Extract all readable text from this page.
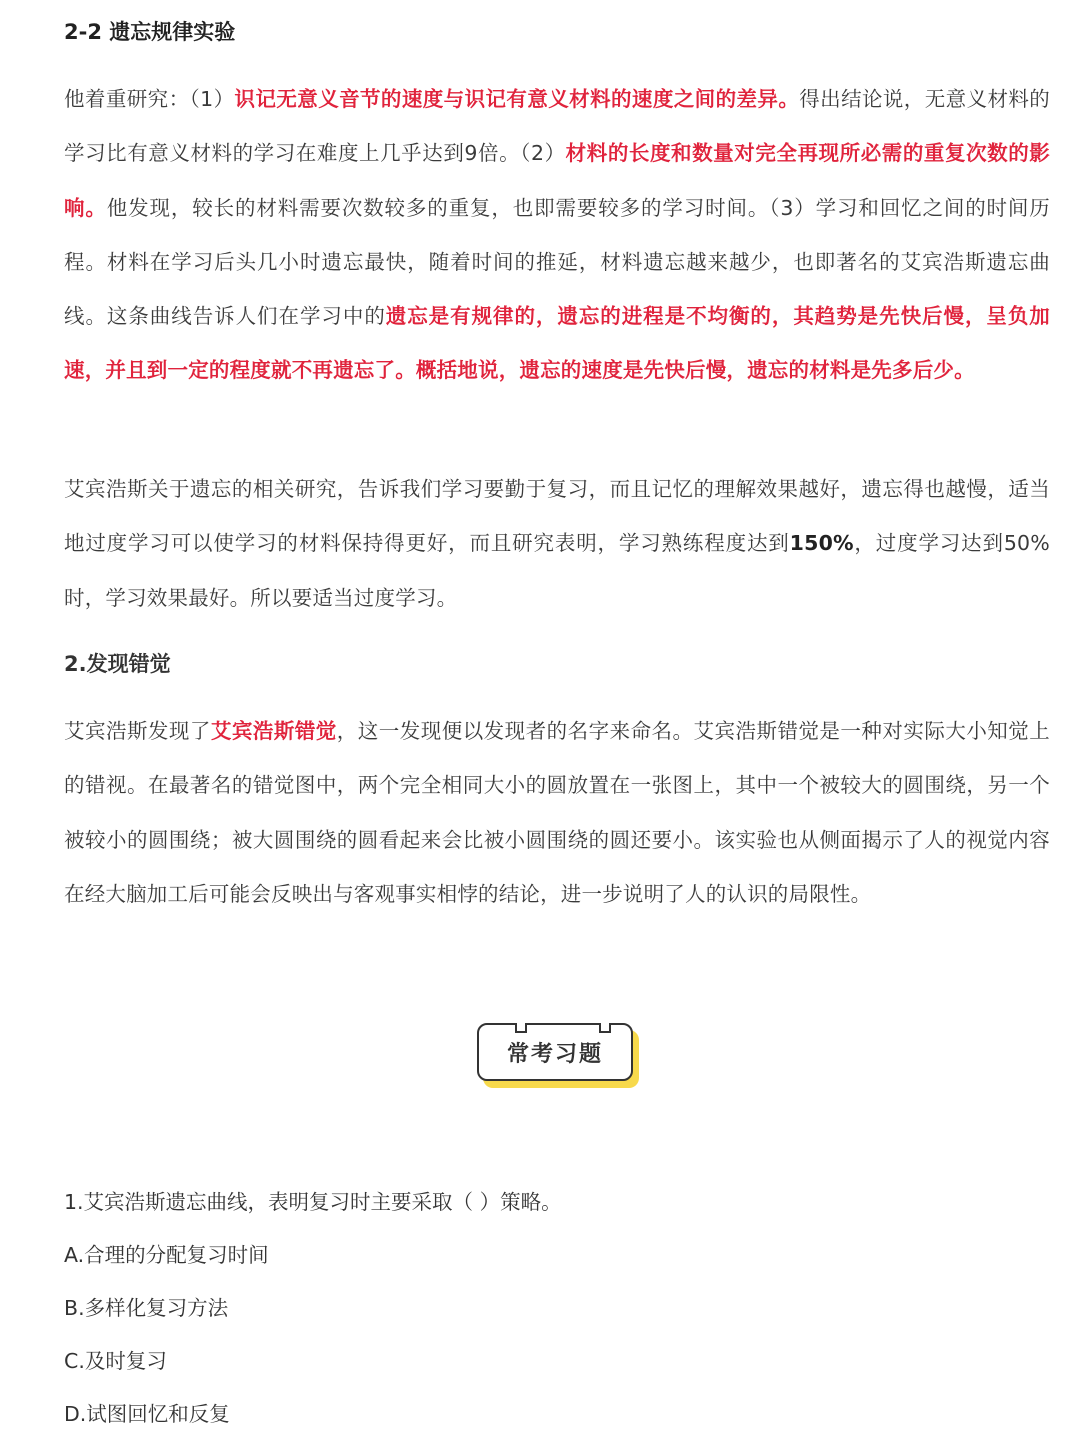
2-2 遗忘规律实验

他着重研究：（1）识记无意义音节的速度与识记有意义材料的速度之间的差异。得出结论说，无意义材料的学习比有意义材料的学习在难度上几乎达到9倍。（2）材料的长度和数量对完全再现所必需的重复次数的影响。他发现，较长的材料需要次数较多的重复，也即需要较多的学习时间。（3）学习和回忆之间的时间历程。材料在学习后头几小时遗忘最快，随着时间的推延，材料遗忘越来越少，也即著名的艾宾浩斯遗忘曲线。这条曲线告诉人们在学习中的遗忘是有规律的，遗忘的进程是不均衡的，其趋势是先快后慢，呈负加速，并且到一定的程度就不再遗忘了。概括地说，遗忘的速度是先快后慢，遗忘的材料是先多后少。

艾宾浩斯关于遗忘的相关研究，告诉我们学习要勤于复习，而且记忆的理解效果越好，遗忘得也越慢，适当地过度学习可以使学习的材料保持得更好，而且研究表明，学习熟练程度达到150%，过度学习达到50%时，学习效果最好。所以要适当过度学习。

2.发现错觉

艾宾浩斯发现了艾宾浩斯错觉，这一发现便以发现者的名字来命名。艾宾浩斯错觉是一种对实际大小知觉上的错视。在最著名的错觉图中，两个完全相同大小的圆放置在一张图上，其中一个被较大的圆围绕，另一个被较小的圆围绕；被大圆围绕的圆看起来会比被小圆围绕的圆还要小。该实验也从侧面揭示了人的视觉内容在经大脑加工后可能会反映出与客观事实相悖的结论，进一步说明了人的认识的局限性。

常考习题

1.艾宾浩斯遗忘曲线，表明复习时主要采取（ ）策略。

A.合理的分配复习时间

B.多样化复习方法

C.及时复习

D.试图回忆和反复
